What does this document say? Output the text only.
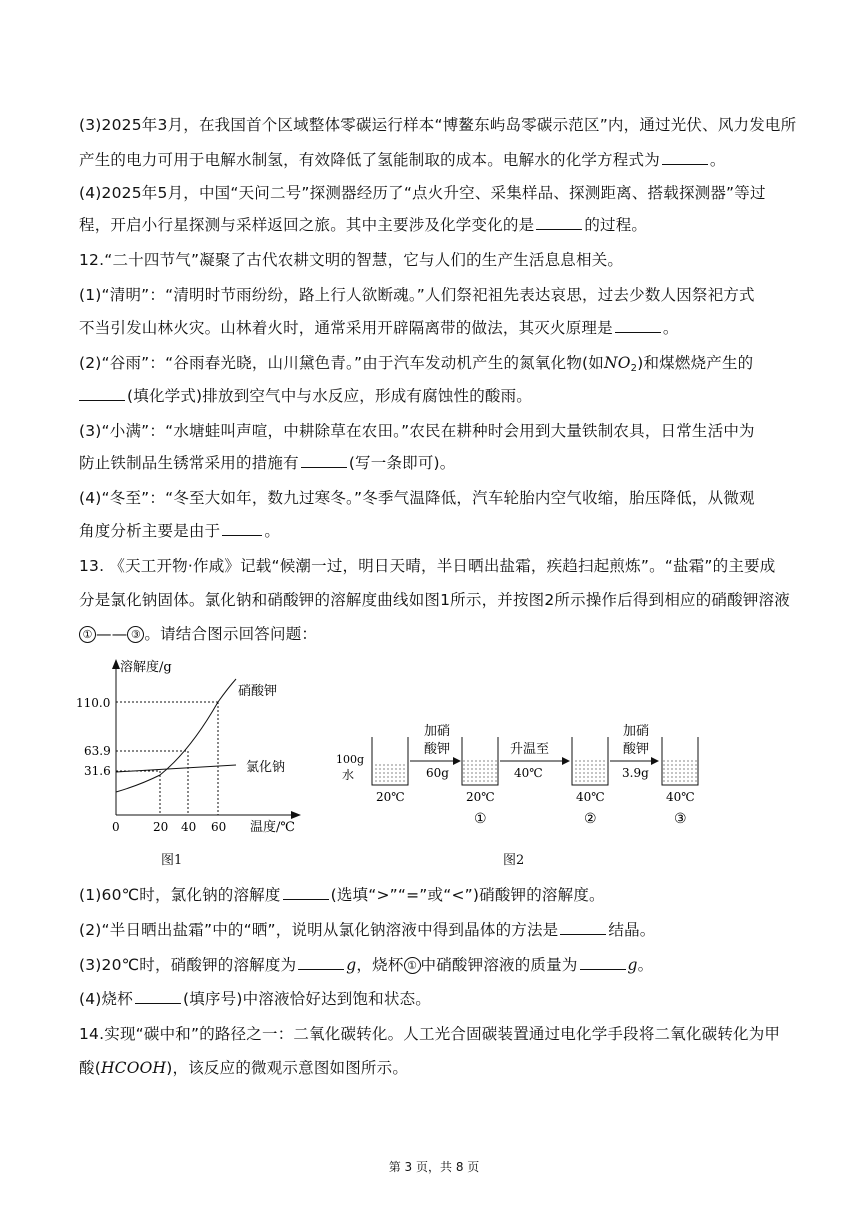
(3)2025年3月，在我国首个区域整体零碳运行样本“博鳌东屿岛零碳示范区”内，通过光伏、风力发电所
产生的电力可用于电解水制氢，有效降低了氢能制取的成本。电解水的化学方程式为	。
(4)2025年5月，中国“天问二号”探测器经历了“点火升空、采集样品、探测距离、搭载探测器”等过
程，开启小行星探测与采样返回之旅。其中主要涉及化学变化的是	的过程。
12.“二十四节气”凝聚了古代农耕文明的智慧，它与人们的生产生活息息相关。
(1)“清明”：“清明时节雨纷纷，路上行人欲断魂。”人们祭祀祖先表达哀思，过去少数人因祭祀方式
不当引发山林火灾。山林着火时，通常采用开辟隔离带的做法，其灭火原理是	。
(2)“谷雨”：“谷雨春光晓，山川黛色青。”由于汽车发动机产生的氮氧化物(如$NO_2$)和煤燃烧产生的
(填化学式)排放到空气中与水反应，形成有腐蚀性的酸雨。
(3)“小满”：“水塘蛙叫声喧，中耕除草在农田。”农民在耕种时会用到大量铁制农具，日常生活中为
防止铁制品生锈常采用的措施有	(写一条即可)。
(4)“冬至”：“冬至大如年，数九过寒冬。”冬季气温降低，汽车轮胎内空气收缩，胎压降低，从微观
角度分析主要是由于	。
13. 《天工开物·作咸》记载“候潮一过，明日天晴，半日晒出盐霜，疾趋扫起煎炼”。“盐霜”的主要成
分是氯化钠固体。氯化钠和硝酸钾的溶解度曲线如图1所示，并按图2所示操作后得到相应的硝酸钾溶液
① —— ③ 。请结合图示回答问题：
溶解度/g
温度/℃
110.0
63.9
31.6
0	20 40 60
硝酸钾
氯化钠
图1
100g
水
加硝
酸钾
60g
升温至
40℃
加硝
酸钾
3.9g
20℃	20℃	40℃	40℃
①	②	③
图2
(1)60℃时，氯化钠的溶解度	(选填“>”“=”或“<”)硝酸钾的溶解度。
(2)“半日晒出盐霜”中的“晒”，说明从氯化钠溶液中得到晶体的方法是	结晶。
(3)20℃时，硝酸钾的溶解度为	g，烧杯 ① 中硝酸钾溶液的质量为	g。
(4)烧杯	(填序号)中溶液恰好达到饱和状态。
14.实现“碳中和”的路径之一：二氧化碳转化。人工光合固碳装置通过电化学手段将二氧化碳转化为甲
酸(HCOOH)，该反应的微观示意图如图所示。
第 3 页，共 8 页
